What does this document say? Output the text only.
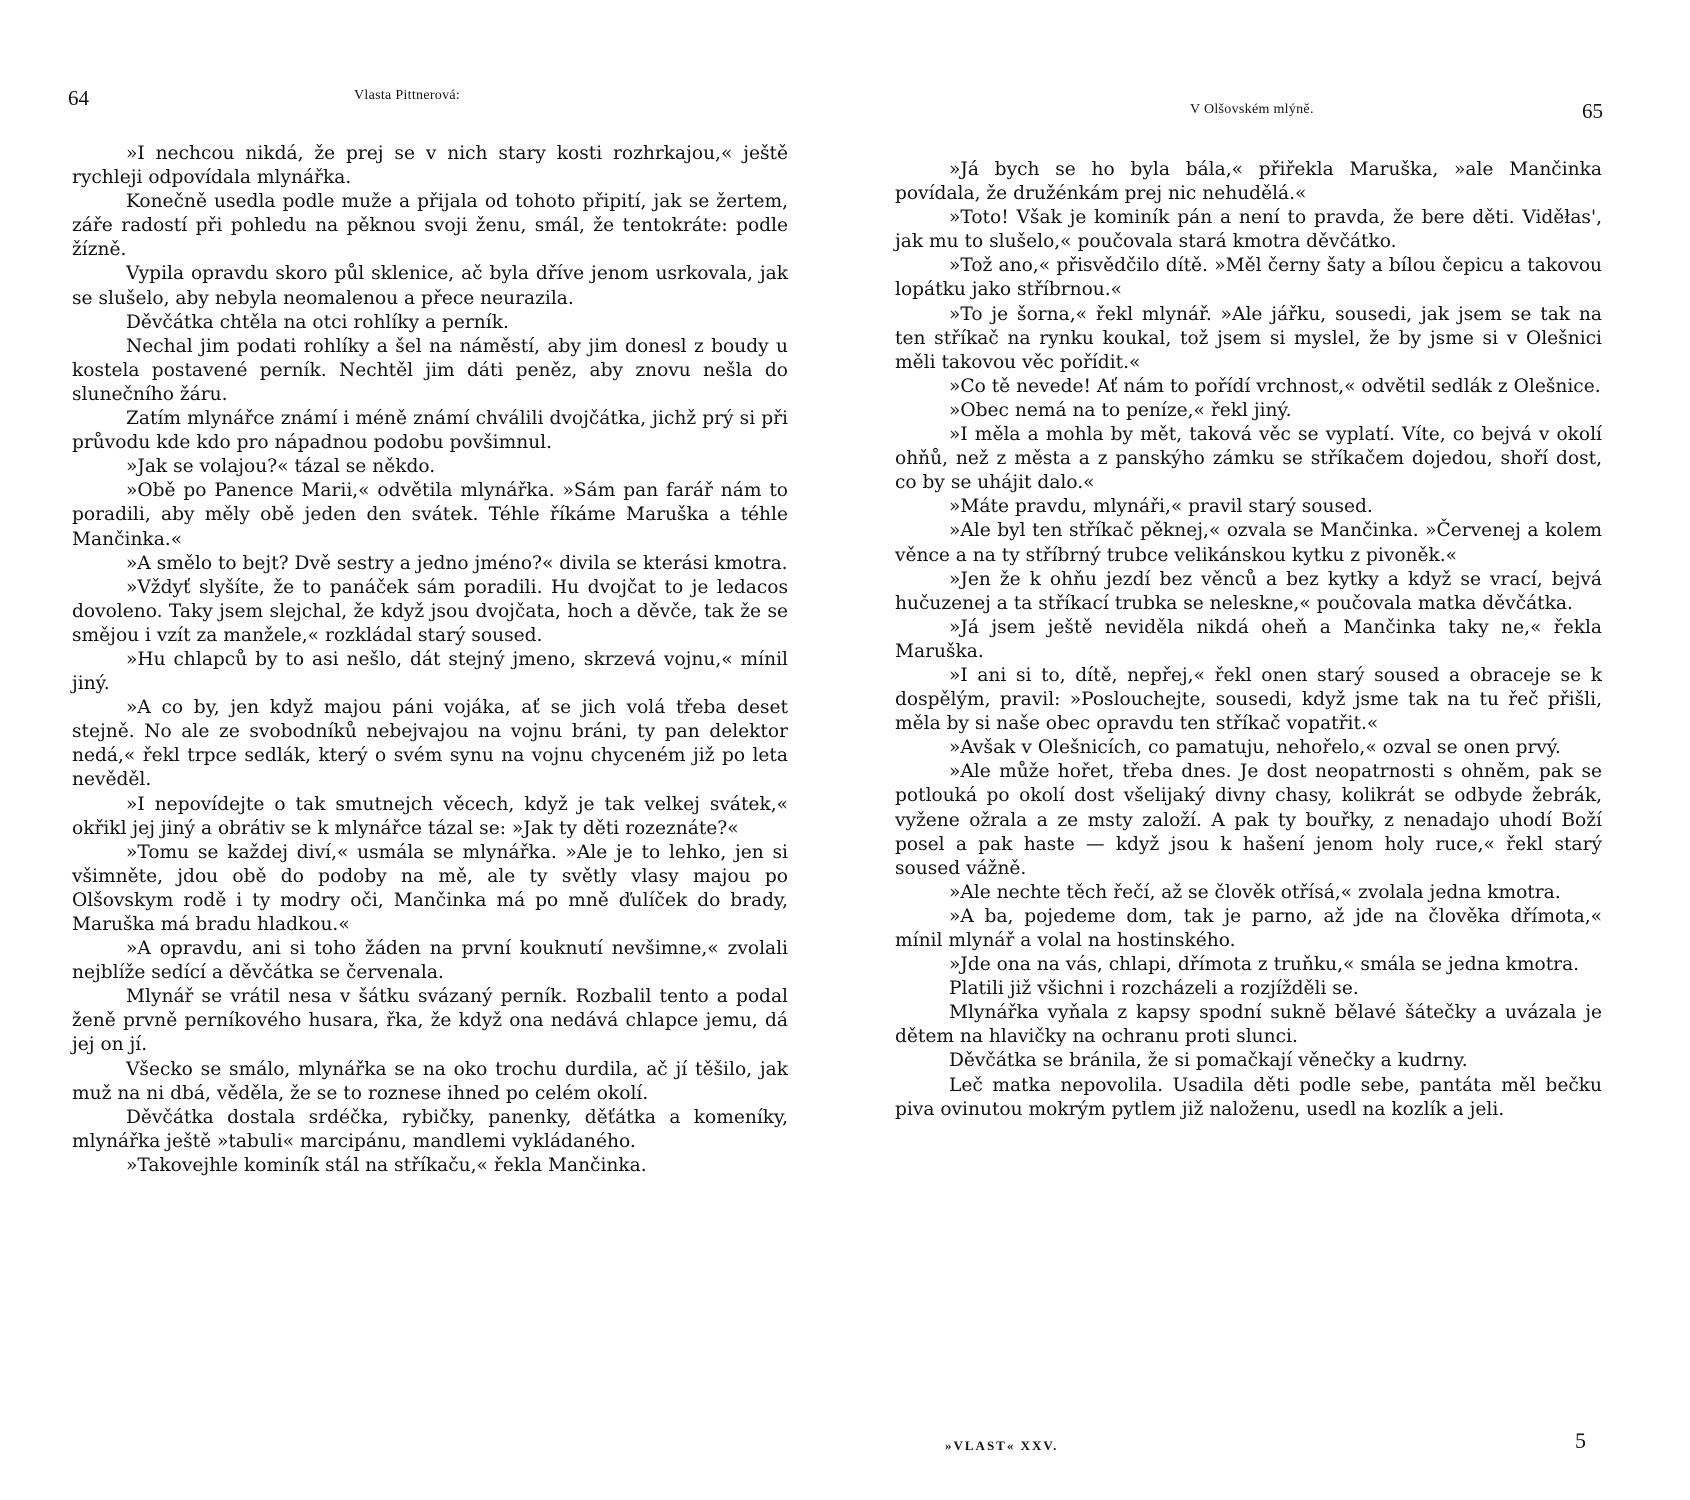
64	Vlasta Pittnerová:

»I nechcou nikdá, že prej se v nich stary kosti rozhrkajou,« ještě rychleji odpovídala mlynářka.

Konečně usedla podle muže a přijala od tohoto připití, jak se žertem, záře radostí při pohledu na pěknou svoji ženu, smál, že tentokráte: podle žízně.

Vypila opravdu skoro půl sklenice, ač byla dříve jenom usrkovala, jak se slušelo, aby nebyla neomalenou a přece neurazila.

Děvčátka chtěla na otci rohlíky a perník.

Nechal jim podati rohlíky a šel na náměstí, aby jim donesl z boudy u kostela postavené perník. Nechtěl jim dáti peněz, aby znovu nešla do slunečního žáru.

Zatím mlynářce známí i méně známí chválili dvojčátka, jichž prý si při průvodu kde kdo pro nápadnou podobu povšimnul.

»Jak se volajou?« tázal se někdo.

»Obě po Panence Marii,« odvětila mlynářka. »Sám pan farář nám to poradili, aby měly obě jeden den svátek. Téhle říkáme Maruška a téhle Mančinka.«

»A smělo to bejt? Dvě sestry a jedno jméno?« divila se kterási kmotra.

»Vždyť slyšíte, že to panáček sám poradili. Hu dvojčat to je ledacos dovoleno. Taky jsem slejchal, že když jsou dvojčata, hoch a děvče, tak že se smějou i vzít za manžele,« rozkládal starý soused.

»Hu chlapců by to asi nešlo, dát stejný jmeno, skrzevá vojnu,« mínil jiný.

»A co by, jen když majou páni vojáka, ať se jich volá třeba deset stejně. No ale ze svobodníků nebejvajou na vojnu bráni, ty pan delektor nedá,« řekl trpce sedlák, který o svém synu na vojnu chyceném již po leta nevěděl.

»I nepovídejte o tak smutnejch věcech, když je tak velkej svátek,« okřikl jej jiný a obrátiv se k mlynářce tázal se: »Jak ty děti rozeznáte?«

»Tomu se každej diví,« usmála se mlynářka. »Ale je to lehko, jen si všimněte, jdou obě do podoby na mě, ale ty světly vlasy majou po Olšovskym rodě i ty modry oči, Mančinka má po mně ďulíček do brady, Maruška má bradu hladkou.«

»A opravdu, ani si toho žáden na první kouknutí nevšimne,« zvolali nejblíže sedící a děvčátka se červenala.

Mlynář se vrátil nesa v šátku svázaný perník. Rozbalil tento a podal ženě prvně perníkového husara, řka, že když ona nedává chlapce jemu, dá jej on jí.

Všecko se smálo, mlynářka se na oko trochu durdila, ač jí těšilo, jak muž na ni dbá, věděla, že se to roznese ihned po celém okolí.

Děvčátka dostala srdéčka, rybičky, panenky, děťátka a komeníky, mlynářka ještě »tabuli« marcipánu, mandlemi vykládaného.

»Takovejhle kominík stál na stříkaču,« řekla Mančinka.

V Olšovském mlýně.	65

»Já bych se ho byla bála,« přiřekla Maruška, »ale Mančinka povídala, že družénkám prej nic nehudělá.«

»Toto! Však je kominík pán a není to pravda, že bere děti. Viděłas', jak mu to slušelo,« poučovala stará kmotra děvčátko.

»Tož ano,« přisvědčilo dítě. »Měl černy šaty a bílou čepicu a takovou lopátku jako stříbrnou.«

»To je šorna,« řekl mlynář. »Ale jářku, sousedi, jak jsem se tak na ten stříkač na rynku koukal, tož jsem si myslel, že by jsme si v Olešnici měli takovou věc pořídit.«

»Co tě nevede! Ať nám to pořídí vrchnost,« odvětil sedlák z Olešnice.

»Obec nemá na to peníze,« řekl jiný.

»I měla a mohla by mět, taková věc se vyplatí. Víte, co bejvá v okolí ohňů, než z města a z panskýho zámku se stříkačem dojedou, shoří dost, co by se uhájit dalo.«

»Máte pravdu, mlynáři,« pravil starý soused.

»Ale byl ten stříkač pěknej,« ozvala se Mančinka. »Červenej a kolem věnce a na ty stříbrný trubce velikánskou kytku z pivoněk.«

»Jen že k ohňu jezdí bez věnců a bez kytky a když se vrací, bejvá hučuzenej a ta stříkací trubka se neleskne,« poučovala matka děvčátka.

»Já jsem ještě neviděla nikdá oheň a Mančinka taky ne,« řekla Maruška.

»I ani si to, dítě, nepřej,« řekl onen starý soused a obraceje se k dospělým, pravil: »Poslouchejte, sousedi, když jsme tak na tu řeč přišli, měla by si naše obec opravdu ten stříkač vopatřit.«

»Avšak v Olešnicích, co pamatuju, nehořelo,« ozval se onen prvý.

»Ale může hořet, třeba dnes. Je dost neopatrnosti s ohněm, pak se potlouká po okolí dost všelijaký divny chasy, kolikrát se odbyde žebrák, vyžene ožrala a ze msty založí. A pak ty bouřky, z nenadajo uhodí Boží posel a pak haste — když jsou k hašení jenom holy ruce,« řekl starý soused vážně.

»Ale nechte těch řečí, až se člověk otřísá,« zvolala jedna kmotra.

»A ba, pojedeme dom, tak je parno, až jde na člověka dřímota,« mínil mlynář a volal na hostinského.

»Jde ona na vás, chlapi, dřímota z truňku,« smála se jedna kmotra.

Platili již všichni i rozcházeli a rozjížděli se.

Mlynářka vyňala z kapsy spodní sukně bělavé šátečky a uvázala je dětem na hlavičky na ochranu proti slunci.

Děvčátka se bránila, že si pomačkají věnečky a kudrny.

Leč matka nepovolila. Usadila děti podle sebe, pantáta měl bečku piva ovinutou mokrým pytlem již naloženu, usedl na kozlík a jeli.

»VLAST« XXV.	5
